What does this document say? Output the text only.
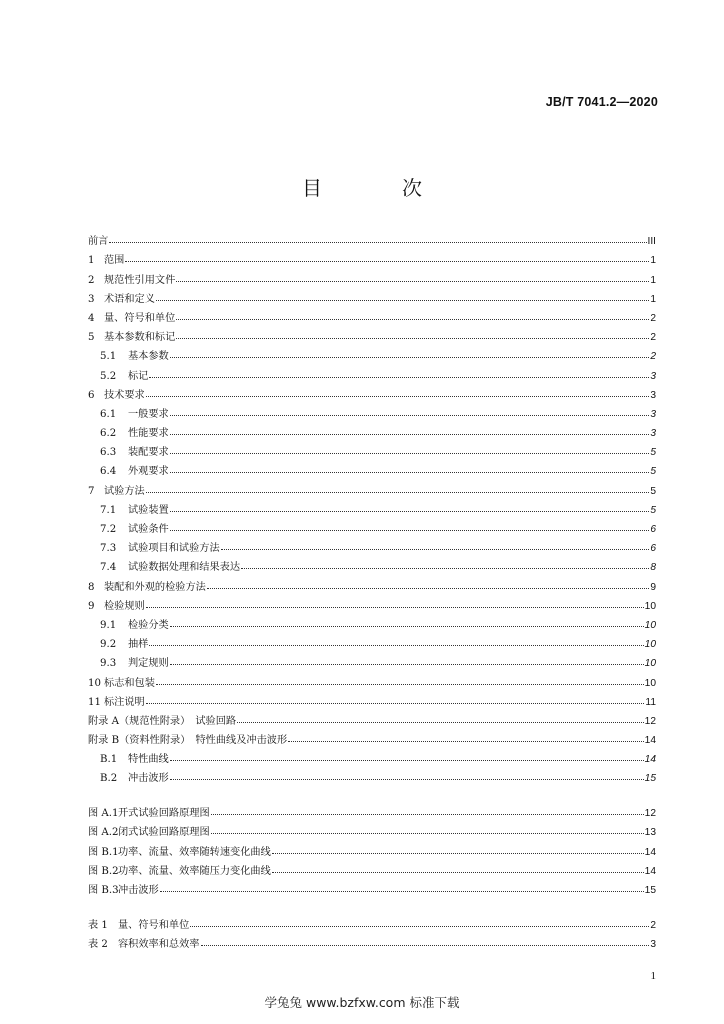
JB/T 7041.2—2020
目　次
前言	III
1 范围	1
2 规范性引用文件	1
3 术语和定义	1
4 量、符号和单位	2
5 基本参数和标记	2
5.1	基本参数	2
5.2	标记	3
6 技术要求	3
6.1	一般要求	3
6.2	性能要求	3
6.3	装配要求	5
6.4	外观要求	5
7 试验方法	5
7.1	试验装置	5
7.2	试验条件	6
7.3	试验项目和试验方法	6
7.4	试验数据处理和结果表达	8
8 装配和外观的检验方法	9
9 检验规则	10
9.1	检验分类	10
9.2	抽样	10
9.3	判定规则	10
10 标志和包装	10
11 标注说明	11
附录 A（规范性附录）　试验回路	12
附录 B（资料性附录）　特性曲线及冲击波形	14
B.1	特性曲线	14
B.2	冲击波形	15
图 A.1 开式试验回路原理图	12
图 A.2 闭式试验回路原理图	13
图 B.1 功率、流量、效率随转速变化曲线	14
图 B.2 功率、流量、效率随压力变化曲线	14
图 B.3 冲击波形	15
表 1 量、符号和单位	2
表 2 容积效率和总效率	3
1
学兔兔 www.bzfxw.com 标准下载
